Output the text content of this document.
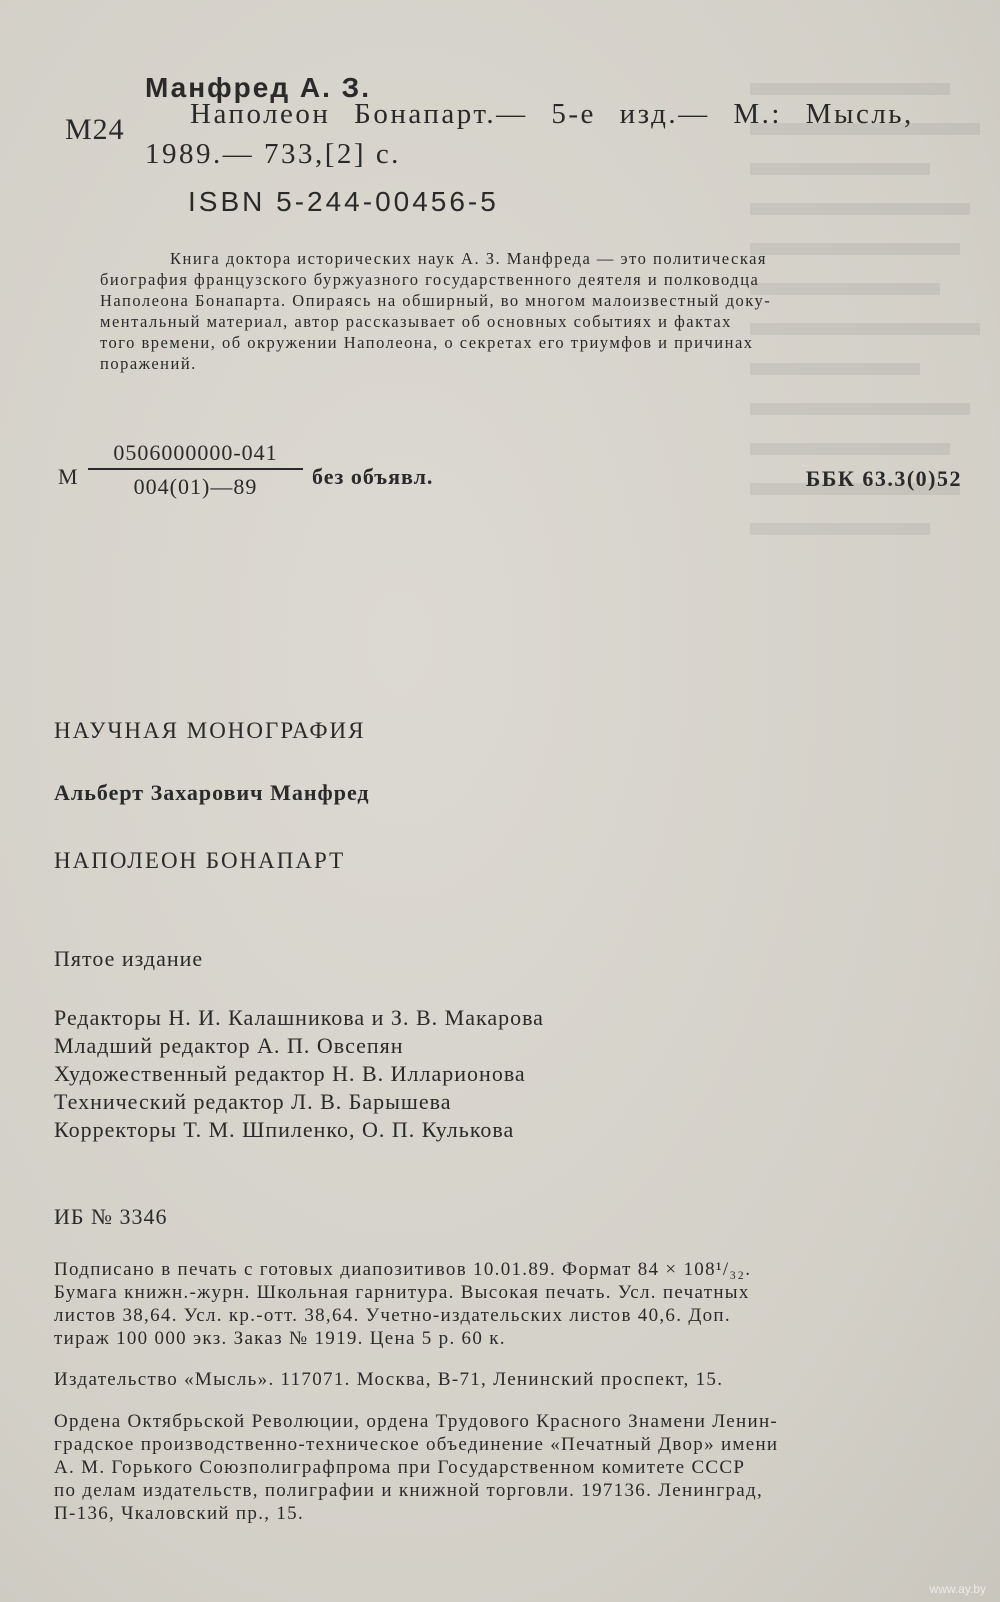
Манфред А. З.
М24 Наполеон Бонапарт.— 5-е изд.— М.: Мысль,
1989.— 733,[2] с.
ISBN 5-244-00456-5
Книга доктора исторических наук А. З. Манфреда — это политическая
биография французского буржуазного государственного деятеля и полководца
Наполеона Бонапарта. Опираясь на обширный, во многом малоизвестный доку-
ментальный материал, автор рассказывает об основных событиях и фактах
того времени, об окружении Наполеона, о секретах его триумфов и причинах
поражений.
М $\frac{0506000000-041}{004(01)—89}$ без объявл.	ББК 63.3(0)52
НАУЧНАЯ МОНОГРАФИЯ
Альберт Захарович Манфред
НАПОЛЕОН БОНАПАРТ
Пятое издание
Редакторы Н. И. Калашникова и З. В. Макарова
Младший редактор А. П. Овсепян
Художественный редактор Н. В. Илларионова
Технический редактор Л. В. Барышева
Корректоры Т. М. Шпиленко, О. П. Кулькова
ИБ № 3346
Подписано в печать с готовых диапозитивов 10.01.89. Формат 84 × 108¹/₃₂.
Бумага книжн.-журн. Школьная гарнитура. Высокая печать. Усл. печатных
листов 38,64. Усл. кр.-отт. 38,64. Учетно-издательских листов 40,6. Доп.
тираж 100 000 экз. Заказ № 1919. Цена 5 р. 60 к.
Издательство «Мысль». 117071. Москва, В-71, Ленинский проспект, 15.
Ордена Октябрьской Революции, ордена Трудового Красного Знамени Ленин-
градское производственно-техническое объединение «Печатный Двор» имени
А. М. Горького Союзполиграфпрома при Государственном комитете СССР
по делам издательств, полиграфии и книжной торговли. 197136. Ленинград,
П-136, Чкаловский пр., 15.
www.ay.by
